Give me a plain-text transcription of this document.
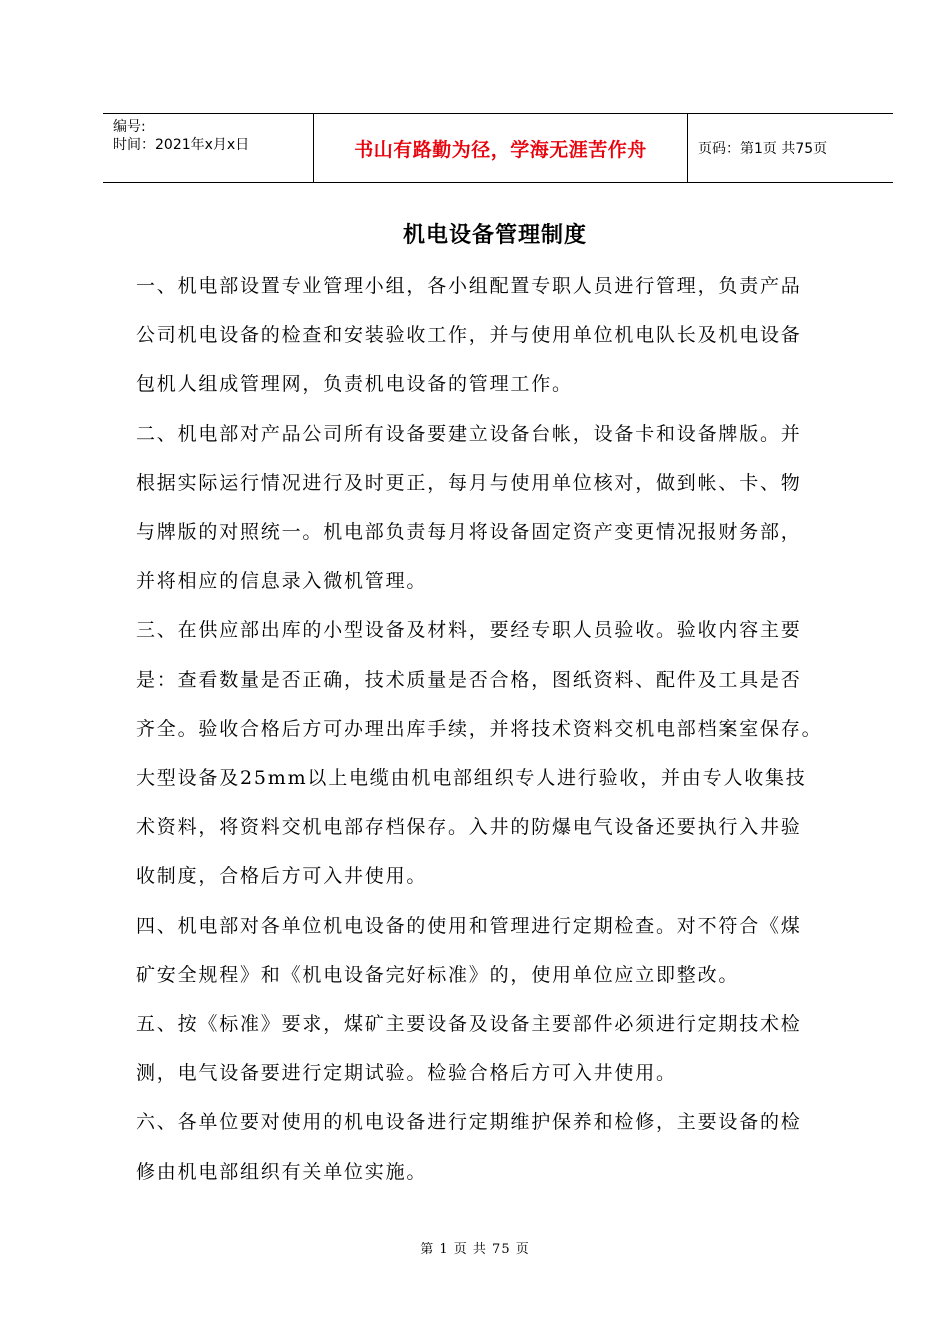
编号:
时间：2021年x月x日	书山有路勤为径，学海无涯苦作舟	页码：第1页 共75页
机电设备管理制度

一、机电部设置专业管理小组，各小组配置专职人员进行管理，负责产品

公司机电设备的检查和安装验收工作，并与使用单位机电队长及机电设备

包机人组成管理网，负责机电设备的管理工作。

二、机电部对产品公司所有设备要建立设备台帐，设备卡和设备牌版。并

根据实际运行情况进行及时更正，每月与使用单位核对，做到帐、卡、物

与牌版的对照统一。机电部负责每月将设备固定资产变更情况报财务部，

并将相应的信息录入微机管理。

三、在供应部出库的小型设备及材料，要经专职人员验收。验收内容主要

是：查看数量是否正确，技术质量是否合格，图纸资料、配件及工具是否

齐全。验收合格后方可办理出库手续，并将技术资料交机电部档案室保存。

大型设备及25mm以上电缆由机电部组织专人进行验收，并由专人收集技

术资料，将资料交机电部存档保存。入井的防爆电气设备还要执行入井验

收制度，合格后方可入井使用。

四、机电部对各单位机电设备的使用和管理进行定期检查。对不符合《煤

矿安全规程》和《机电设备完好标准》的，使用单位应立即整改。

五、按《标准》要求，煤矿主要设备及设备主要部件必须进行定期技术检

测，电气设备要进行定期试验。检验合格后方可入井使用。

六、各单位要对使用的机电设备进行定期维护保养和检修，主要设备的检

修由机电部组织有关单位实施。

第 1 页 共 75 页
